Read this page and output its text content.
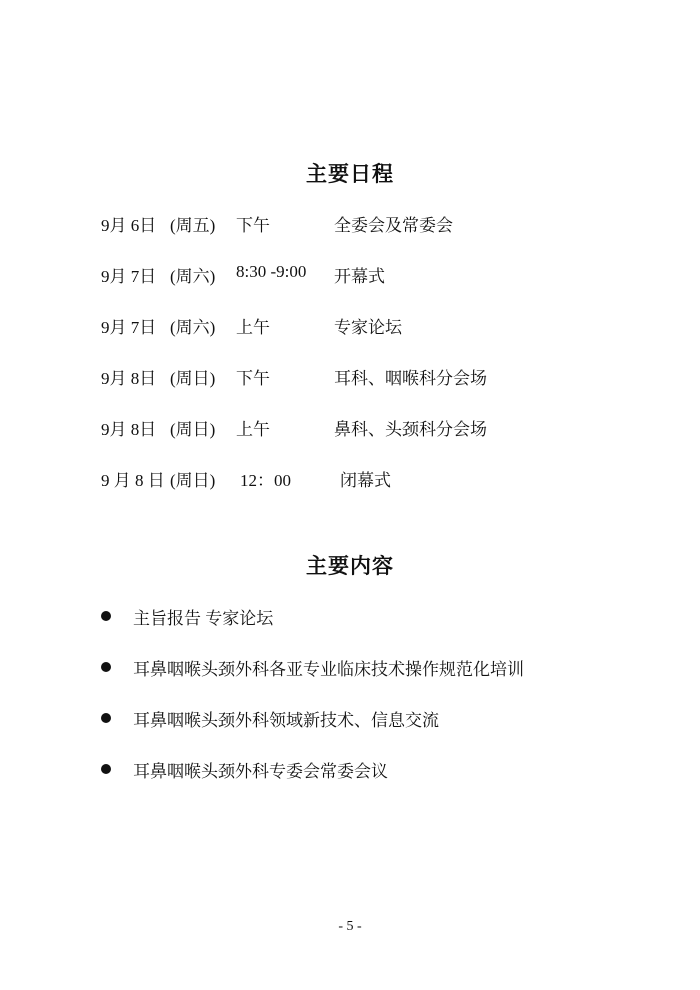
主要日程
9月 6日 (周五) 下午	全委会及常委会
9月 7日 (周六) 8:30 -9:00 开幕式
9月 7日 (周六) 上午	专家论坛
9月 8日 (周日) 下午	耳科、咽喉科分会场
9月 8日 (周日) 上午	鼻科、头颈科分会场
9 月 8 日 (周日) 12：00	闭幕式
主要内容
主旨报告 专家论坛
耳鼻咽喉头颈外科各亚专业临床技术操作规范化培训
耳鼻咽喉头颈外科领域新技术、信息交流
耳鼻咽喉头颈外科专委会常委会议
- 5 -
